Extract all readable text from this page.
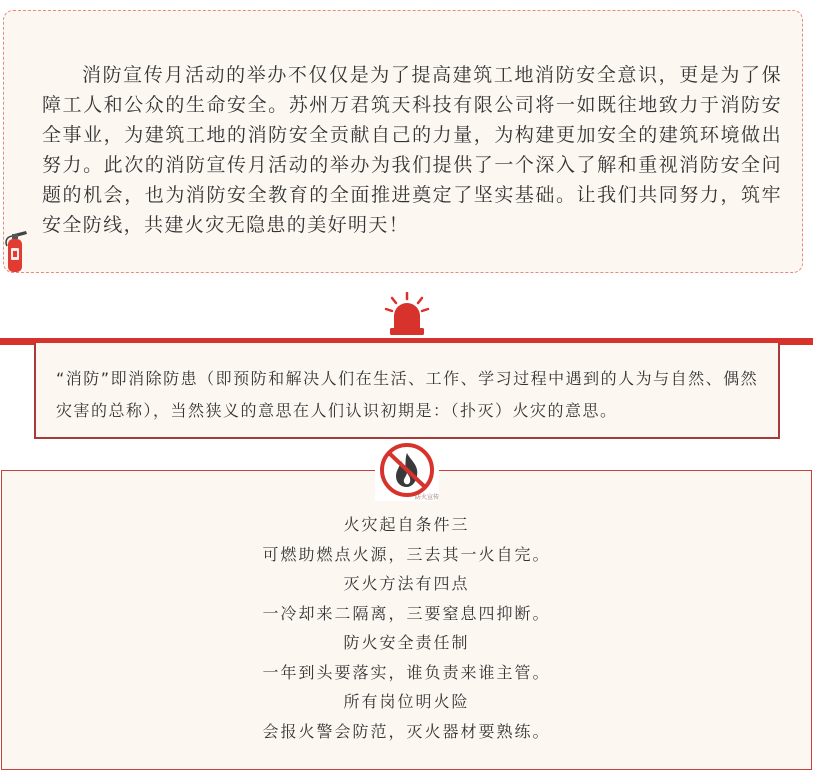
消防宣传月活动的举办不仅仅是为了提高建筑工地消防安全意识，更是为了保障工人和公众的生命安全。苏州万君筑天科技有限公司将一如既往地致力于消防安全事业，为建筑工地的消防安全贡献自己的力量，为构建更加安全的建筑环境做出努力。此次的消防宣传月活动的举办为我们提供了一个深入了解和重视消防安全问题的机会，也为消防安全教育的全面推进奠定了坚实基础。让我们共同努力，筑牢安全防线，共建火灾无隐患的美好明天！

“消防”即消除防患（即预防和解决人们在生活、工作、学习过程中遇到的人为与自然、偶然灾害的总称），当然狭义的意思在人们认识初期是：（扑灭）火灾的意思。

防火宣传
火灾起自条件三
可燃助燃点火源，三去其一火自完。
灭火方法有四点
一冷却来二隔离，三要窒息四抑断。
防火安全责任制
一年到头要落实，谁负责来谁主管。
所有岗位明火险
会报火警会防范，灭火器材要熟练。
